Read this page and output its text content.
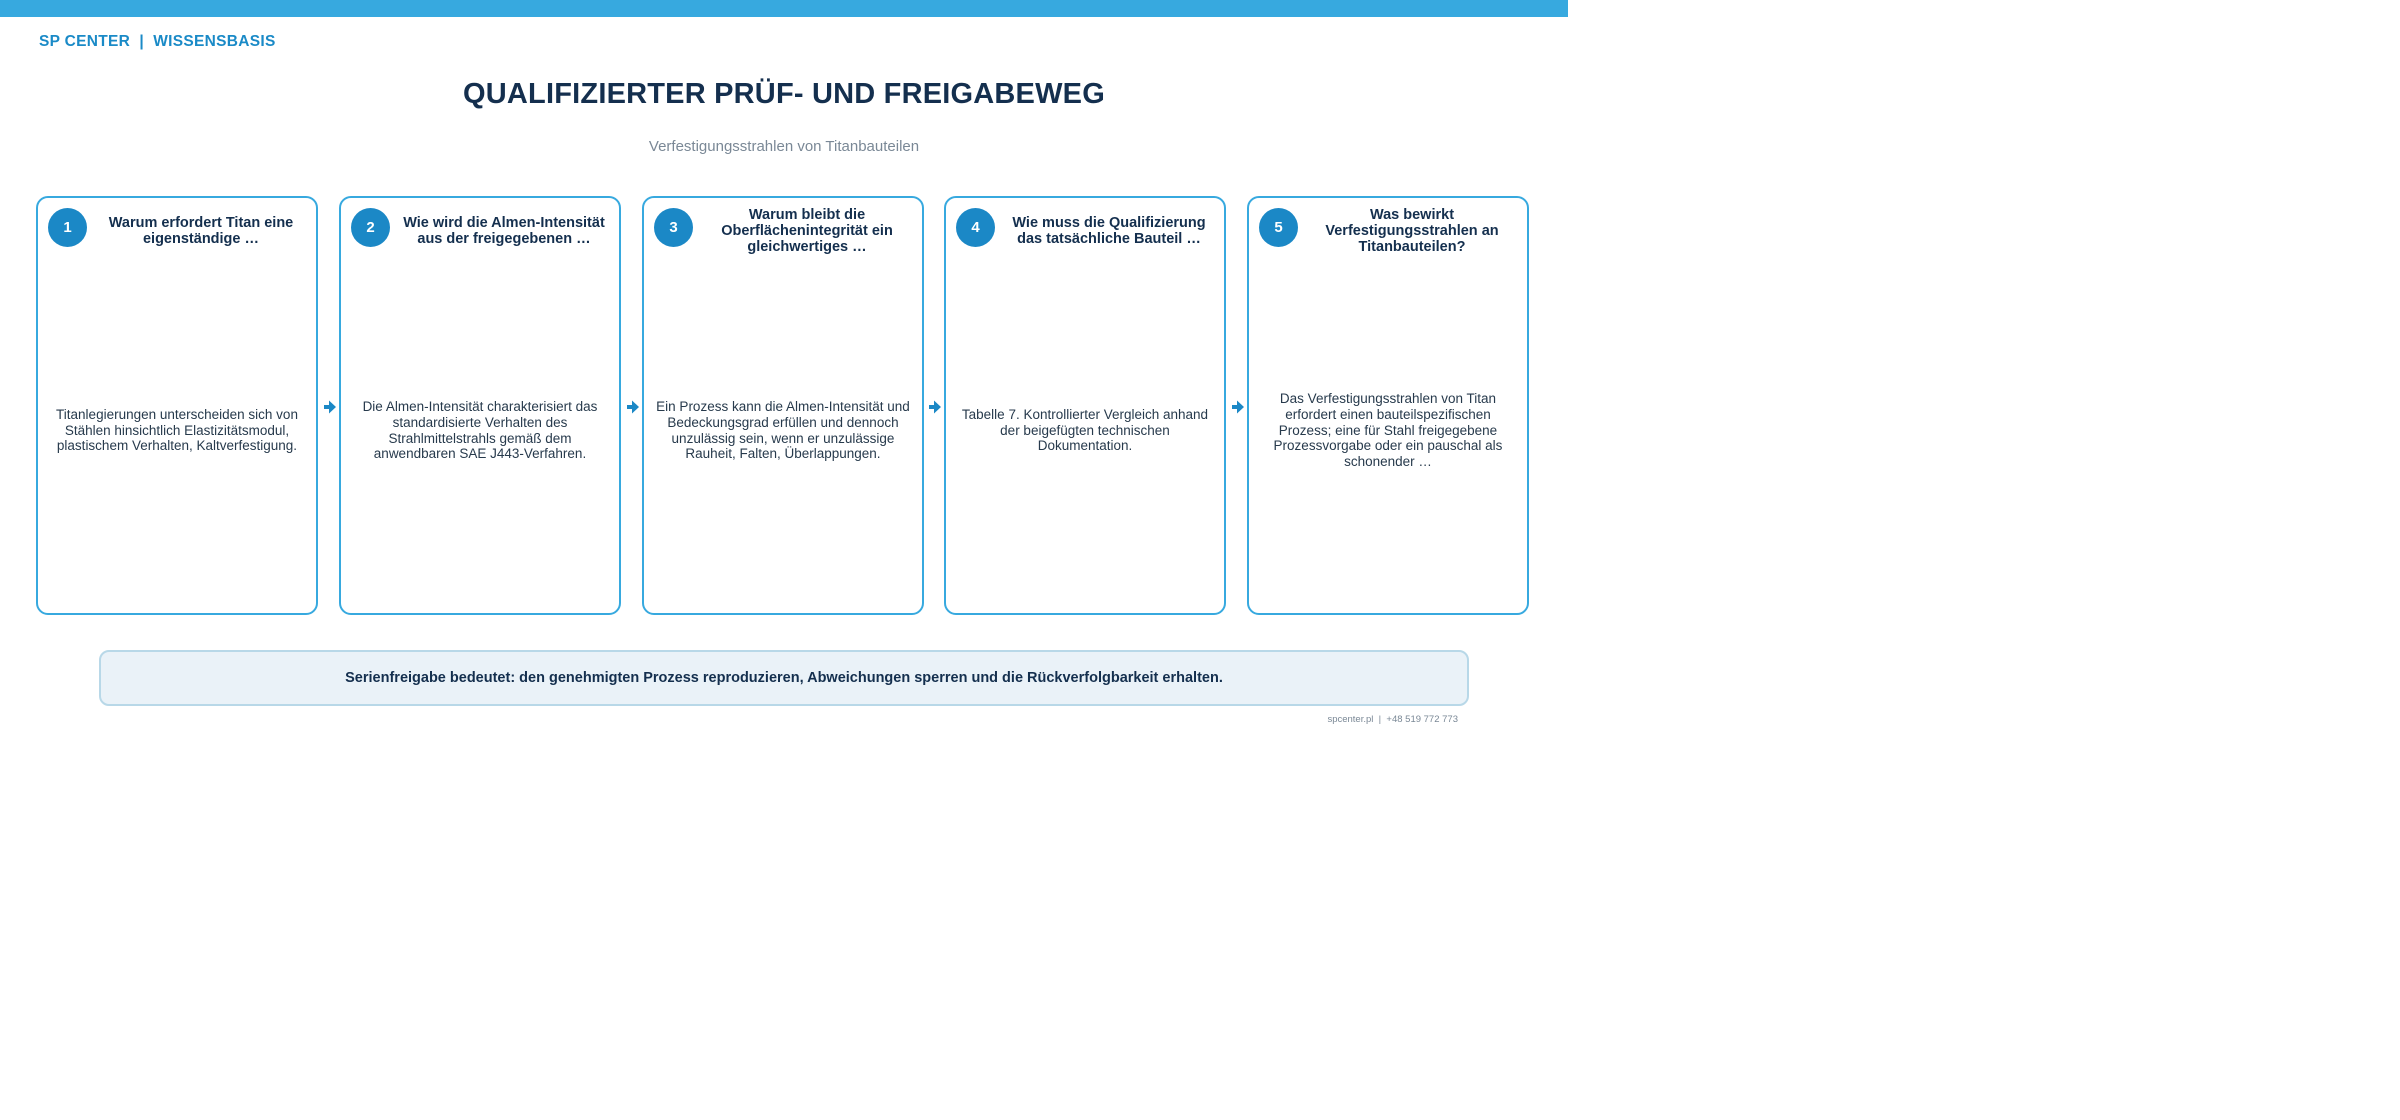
SP CENTER  |  WISSENSBASIS
QUALIFIZIERTER PRÜF- UND FREIGABEWEG
Verfestigungsstrahlen von Titanbauteilen
1	Warum erfordert Titan eine eigenständige …
Titanlegierungen unterscheiden sich von Stählen hinsichtlich Elastizitätsmodul, plastischem Verhalten, Kaltverfestigung.
2	Wie wird die Almen-Intensität aus der freigegebenen …
Die Almen-Intensität charakterisiert das standardisierte Verhalten des Strahlmittelstrahls gemäß dem anwendbaren SAE J443-Verfahren.
3
Warum bleibt die Oberflächenintegrität ein gleichwertiges …
Ein Prozess kann die Almen-Intensität und Bedeckungsgrad erfüllen und dennoch unzulässig sein, wenn er unzulässige Rauheit, Falten, Überlappungen.
4	Wie muss die Qualifizierung das tatsächliche Bauteil …
Tabelle 7. Kontrollierter Vergleich anhand der beigefügten technischen Dokumentation.
5
Was bewirkt Verfestigungsstrahlen an Titanbauteilen?
Das Verfestigungsstrahlen von Titan erfordert einen bauteilspezifischen Prozess; eine für Stahl freigegebene Prozessvorgabe oder ein pauschal als schonender …
Serienfreigabe bedeutet: den genehmigten Prozess reproduzieren, Abweichungen sperren und die Rückverfolgbarkeit erhalten.
spcenter.pl  |  +48 519 772 773
